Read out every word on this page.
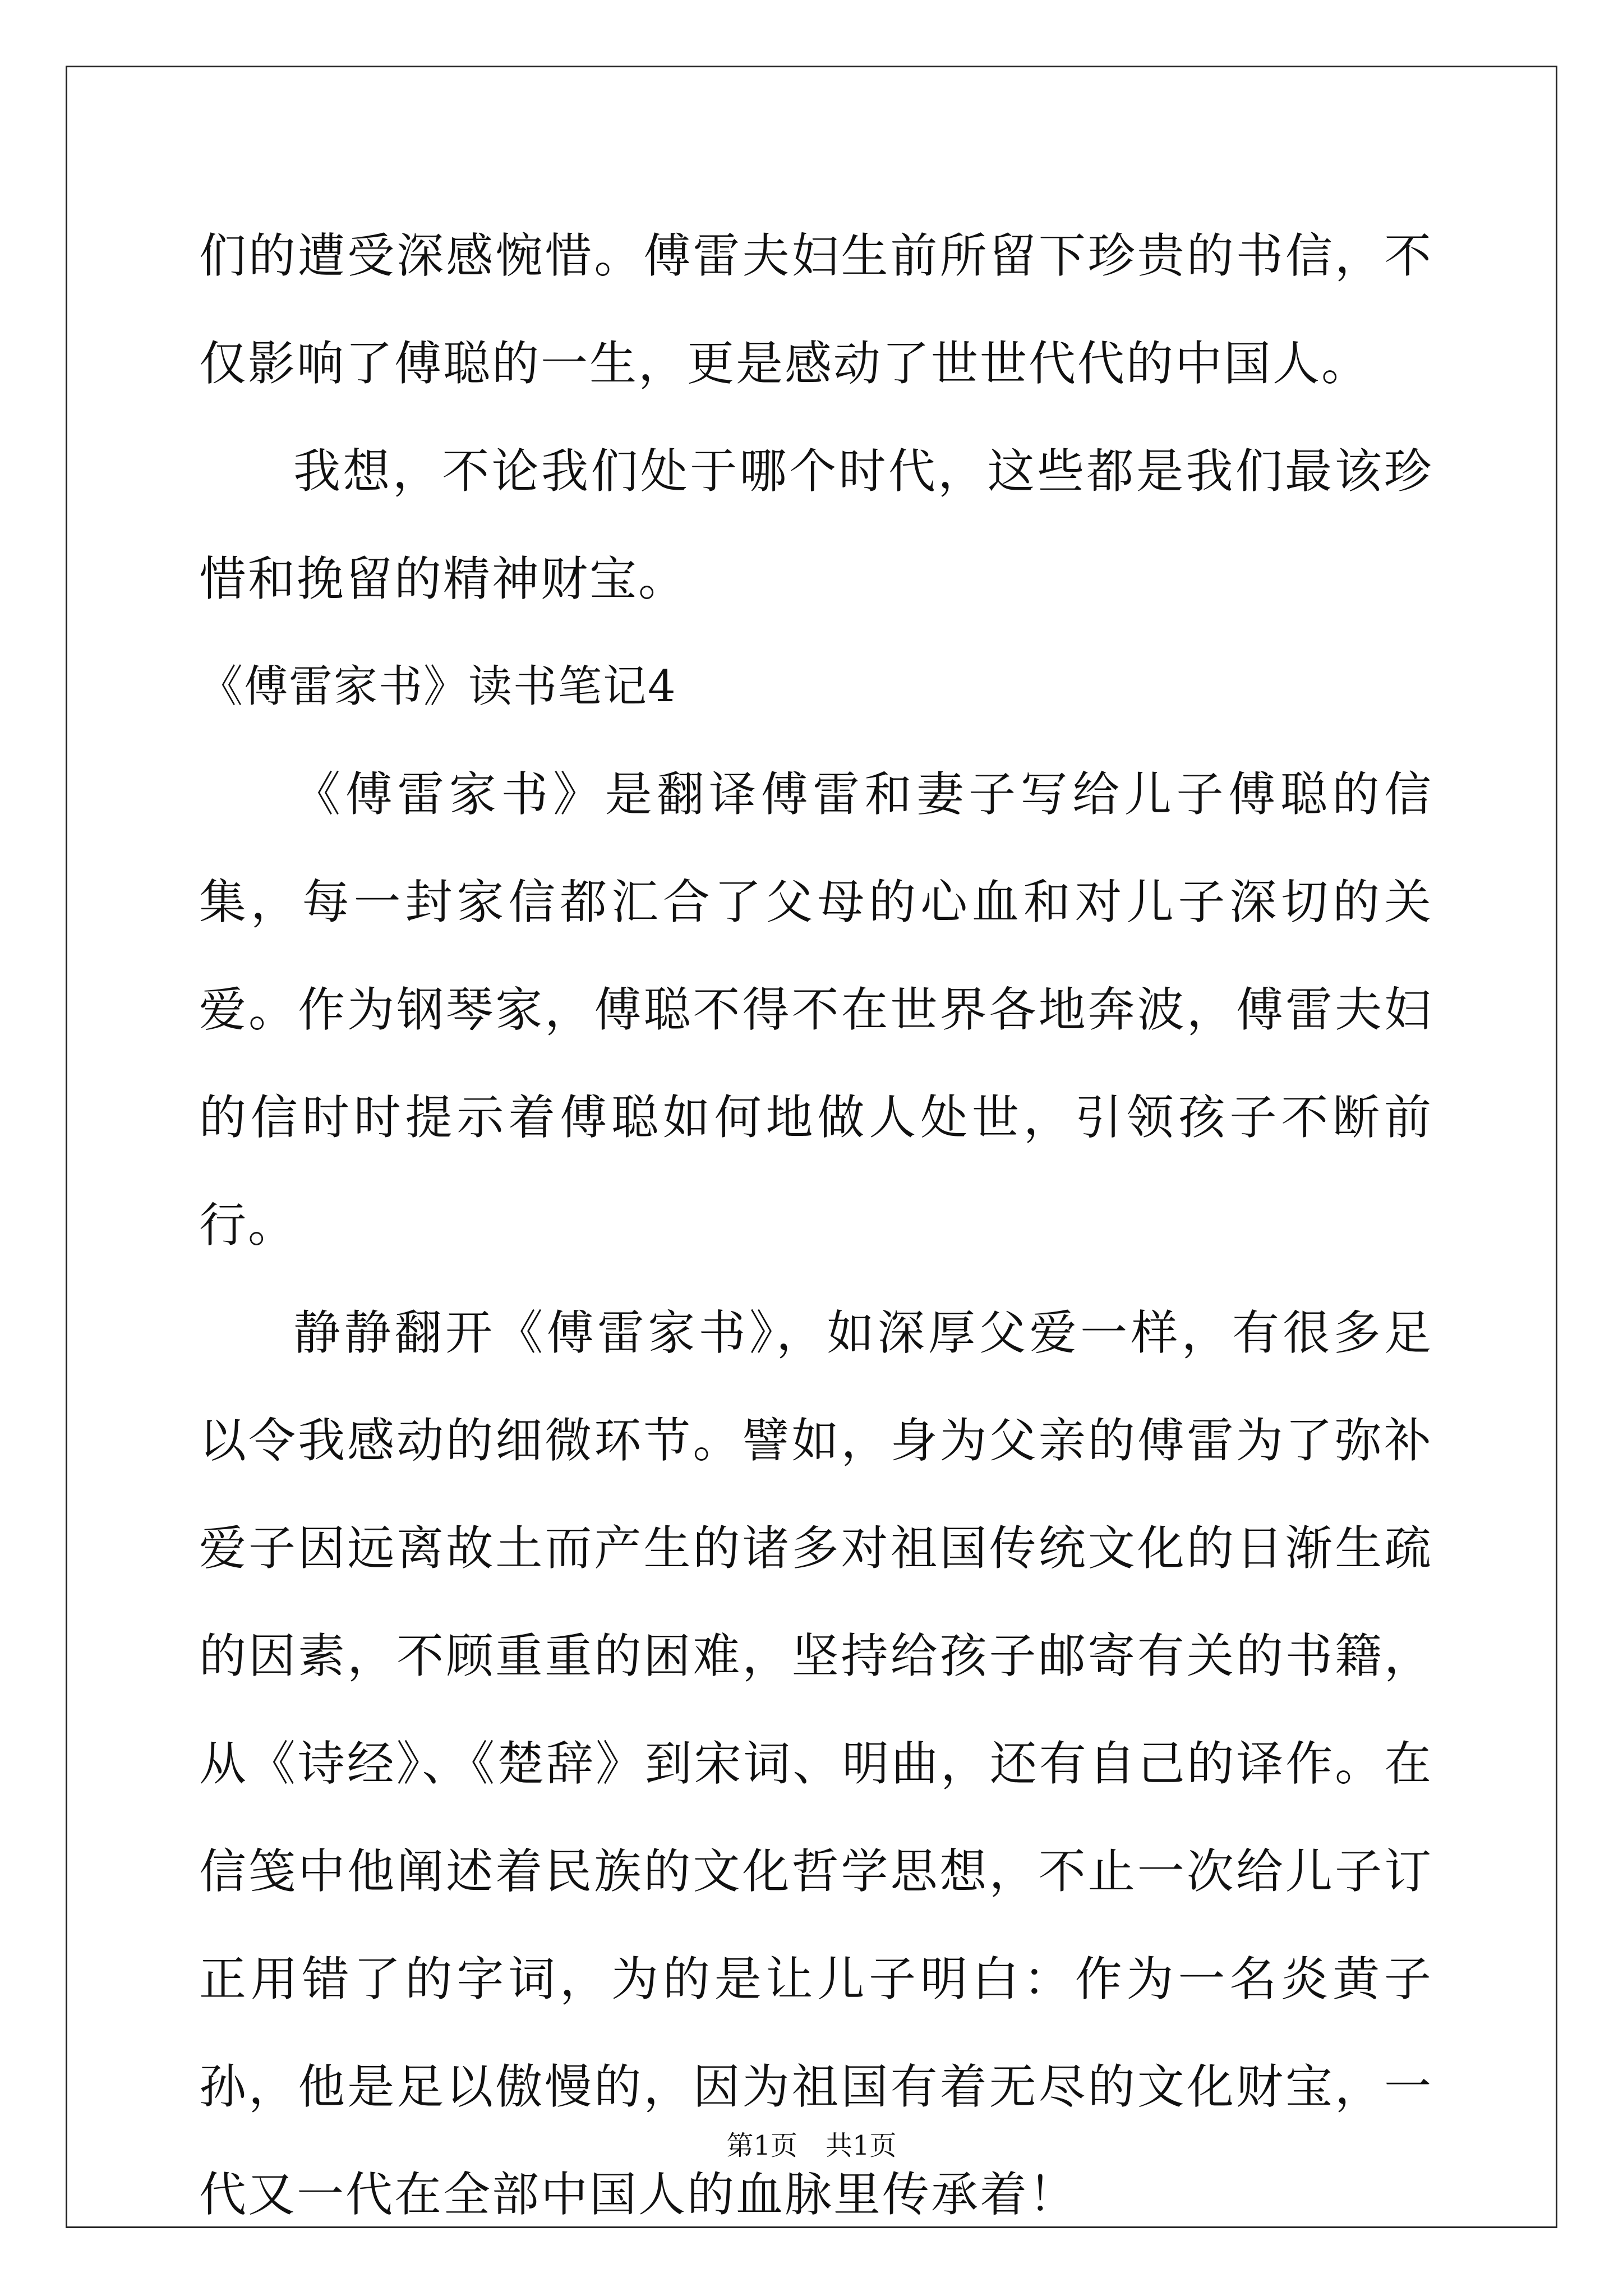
们的遭受深感惋惜。傅雷夫妇生前所留下珍贵的书信，不仅影响了傅聪的一生，更是感动了世世代代的中国人。

我想，不论我们处于哪个时代，这些都是我们最该珍惜和挽留的精神财宝。

《傅雷家书》读书笔记4

《傅雷家书》是翻译傅雷和妻子写给儿子傅聪的信集，每一封家信都汇合了父母的心血和对儿子深切的关爱。作为钢琴家，傅聪不得不在世界各地奔波，傅雷夫妇的信时时提示着傅聪如何地做人处世，引领孩子不断前行。

静静翻开《傅雷家书》，如深厚父爱一样，有很多足以令我感动的细微环节。譬如，身为父亲的傅雷为了弥补爱子因远离故土而产生的诸多对祖国传统文化的日渐生疏的因素，不顾重重的困难，坚持给孩子邮寄有关的书籍，从《诗经》、《楚辞》到宋词、明曲，还有自己的译作。在信笺中他阐述着民族的文化哲学思想，不止一次给儿子订正用错了的字词，为的是让儿子明白：作为一名炎黄子孙，他是足以傲慢的，因为祖国有着无尽的文化财宝，一代又一代在全部中国人的血脉里传承着！

第1页 共1页
